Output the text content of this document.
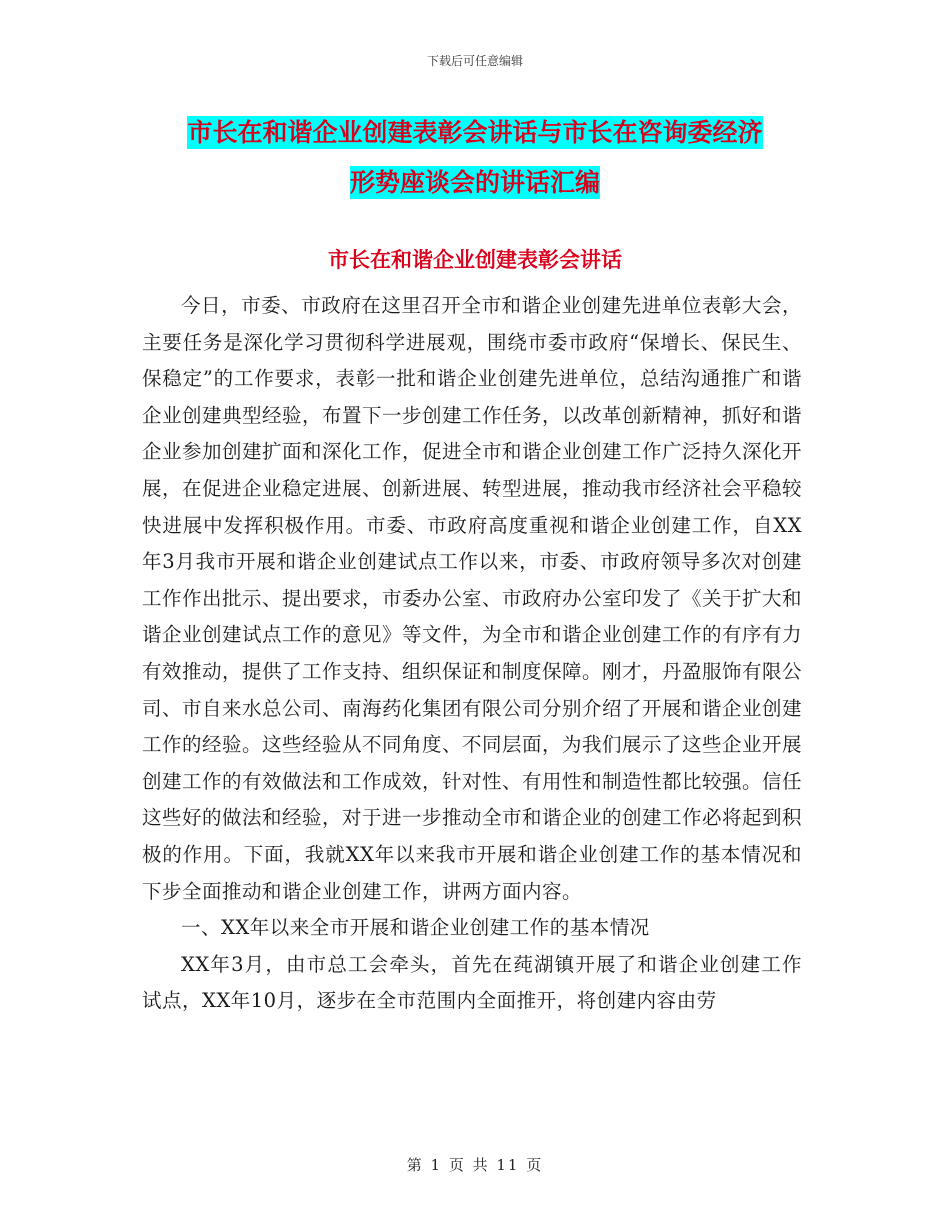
下载后可任意编辑
市长在和谐企业创建表彰会讲话与市长在咨询委经济
形势座谈会的讲话汇编
市长在和谐企业创建表彰会讲话

今日，市委、市政府在这里召开全市和谐企业创建先进单位表彰大会，主要任务是深化学习贯彻科学进展观，围绕市委市政府“保增长、保民生、保稳定”的工作要求，表彰一批和谐企业创建先进单位，总结沟通推广和谐企业创建典型经验，布置下一步创建工作任务，以改革创新精神，抓好和谐企业参加创建扩面和深化工作，促进全市和谐企业创建工作广泛持久深化开展，在促进企业稳定进展、创新进展、转型进展，推动我市经济社会平稳较快进展中发挥积极作用。市委、市政府高度重视和谐企业创建工作，自XX年3月我市开展和谐企业创建试点工作以来，市委、市政府领导多次对创建工作作出批示、提出要求，市委办公室、市政府办公室印发了《关于扩大和谐企业创建试点工作的意见》等文件，为全市和谐企业创建工作的有序有力有效推动，提供了工作支持、组织保证和制度保障。刚才，丹盈服饰有限公司、市自来水总公司、南海药化集团有限公司分别介绍了开展和谐企业创建工作的经验。这些经验从不同角度、不同层面，为我们展示了这些企业开展创建工作的有效做法和工作成效，针对性、有用性和制造性都比较强。信任这些好的做法和经验，对于进一步推动全市和谐企业的创建工作必将起到积极的作用。下面，我就XX年以来我市开展和谐企业创建工作的基本情况和下步全面推动和谐企业创建工作，讲两方面内容。

一、XX年以来全市开展和谐企业创建工作的基本情况

XX年3月，由市总工会牵头，首先在莼湖镇开展了和谐企业创建工作试点，XX年10月，逐步在全市范围内全面推开，将创建内容由劳

第 1 页 共 11 页
